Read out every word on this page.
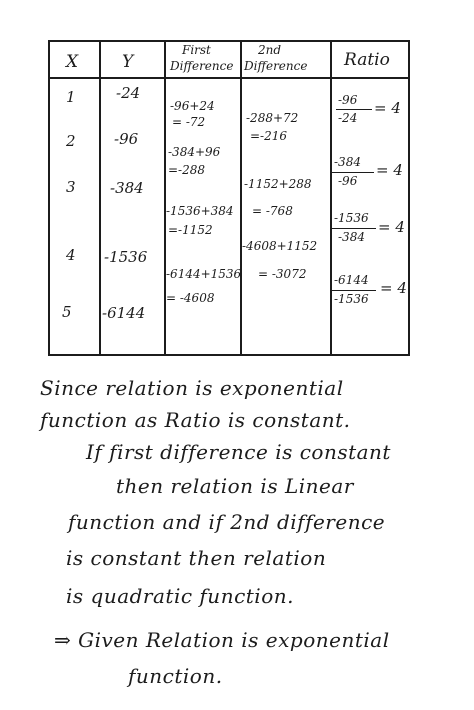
X	Y
First
Difference
2nd
Difference Ratio
1
2
3
4
5
-24
-96
-384
-1536
-6144
-96+24
= -72
-384+96
=-288
-1536+384
=-1152
-6144+1536
= -4608
-288+72
=-216
-1152+288
= -768
-4608+1152
= -3072
-96
-24
= 4
-384
-96
= 4
-1536
-384
= 4
-6144
-1536
= 4
Since relation is exponential
function as Ratio is constant.
If first difference is constant
then relation is Linear
function and if 2nd difference
is constant then relation
is quadratic function.
⇒ Given Relation is exponential
function.
